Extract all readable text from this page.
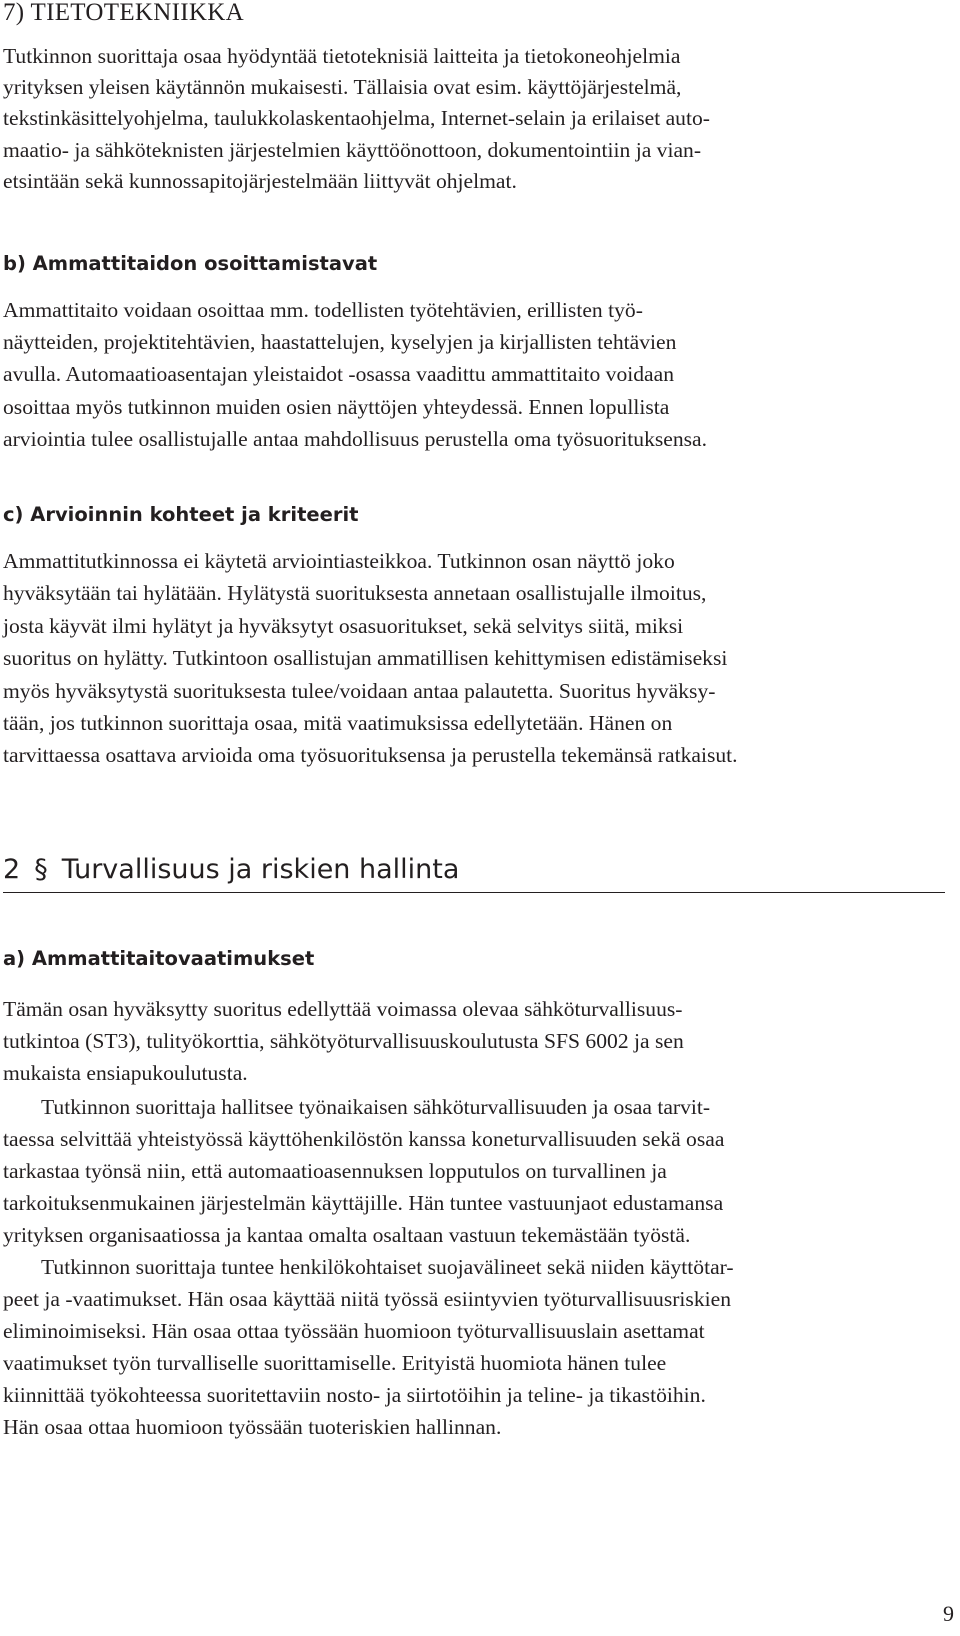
7) TIETOTEKNIIKKA

Tutkinnon suorittaja osaa hyödyntää tietoteknisiä laitteita ja tietokoneohjelmia
yrityksen yleisen käytännön mukaisesti. Tällaisia ovat esim. käyttöjärjestelmä,
tekstinkäsittelyohjelma, taulukkolaskentaohjelma, Internet-selain ja erilaiset auto-
maatio- ja sähköteknisten järjestelmien käyttöönottoon, dokumentointiin ja vian-
etsintään sekä kunnossapitojärjestelmään liittyvät ohjelmat.

b) Ammattitaidon osoittamistavat

Ammattitaito voidaan osoittaa mm. todellisten työtehtävien, erillisten työ-
näytteiden, projektitehtävien, haastattelujen, kyselyjen ja kirjallisten tehtävien
avulla. Automaatioasentajan yleistaidot -osassa vaadittu ammattitaito voidaan
osoittaa myös tutkinnon muiden osien näyttöjen yhteydessä. Ennen lopullista
arviointia tulee osallistujalle antaa mahdollisuus perustella oma työsuorituksensa.

c) Arvioinnin kohteet ja kriteerit

Ammattitutkinnossa ei käytetä arviointiasteikkoa. Tutkinnon osan näyttö joko
hyväksytään tai hylätään. Hylätystä suorituksesta annetaan osallistujalle ilmoitus,
josta käyvät ilmi hylätyt ja hyväksytyt osasuoritukset, sekä selvitys siitä, miksi
suoritus on hylätty. Tutkintoon osallistujan ammatillisen kehittymisen edistämiseksi
myös hyväksytystä suorituksesta tulee/voidaan antaa palautetta. Suoritus hyväksy-
tään, jos tutkinnon suorittaja osaa, mitä vaatimuksissa edellytetään. Hänen on
tarvittaessa osattava arvioida oma työsuorituksensa ja perustella tekemänsä ratkaisut.

2 § Turvallisuus ja riskien hallinta
a) Ammattitaitovaatimukset

Tämän osan hyväksytty suoritus edellyttää voimassa olevaa sähköturvallisuus-
tutkintoa (ST3), tulityökorttia, sähkötyöturvallisuuskoulutusta SFS 6002 ja sen
mukaista ensiapukoulutusta.

Tutkinnon suorittaja hallitsee työnaikaisen sähköturvallisuuden ja osaa tarvit-
taessa selvittää yhteistyössä käyttöhenkilöstön kanssa koneturvallisuuden sekä osaa
tarkastaa työnsä niin, että automaatioasennuksen lopputulos on turvallinen ja
tarkoituksenmukainen järjestelmän käyttäjille. Hän tuntee vastuunjaot edustamansa
yrityksen organisaatiossa ja kantaa omalta osaltaan vastuun tekemästään työstä.

Tutkinnon suorittaja tuntee henkilökohtaiset suojavälineet sekä niiden käyttötar-
peet ja -vaatimukset. Hän osaa käyttää niitä työssä esiintyvien työturvallisuusriskien
eliminoimiseksi. Hän osaa ottaa työssään huomioon työturvallisuuslain asettamat
vaatimukset työn turvalliselle suorittamiselle. Erityistä huomiota hänen tulee
kiinnittää työkohteessa suoritettaviin nosto- ja siirtotöihin ja teline- ja tikastöihin.
Hän osaa ottaa huomioon työssään tuoteriskien hallinnan.

9
